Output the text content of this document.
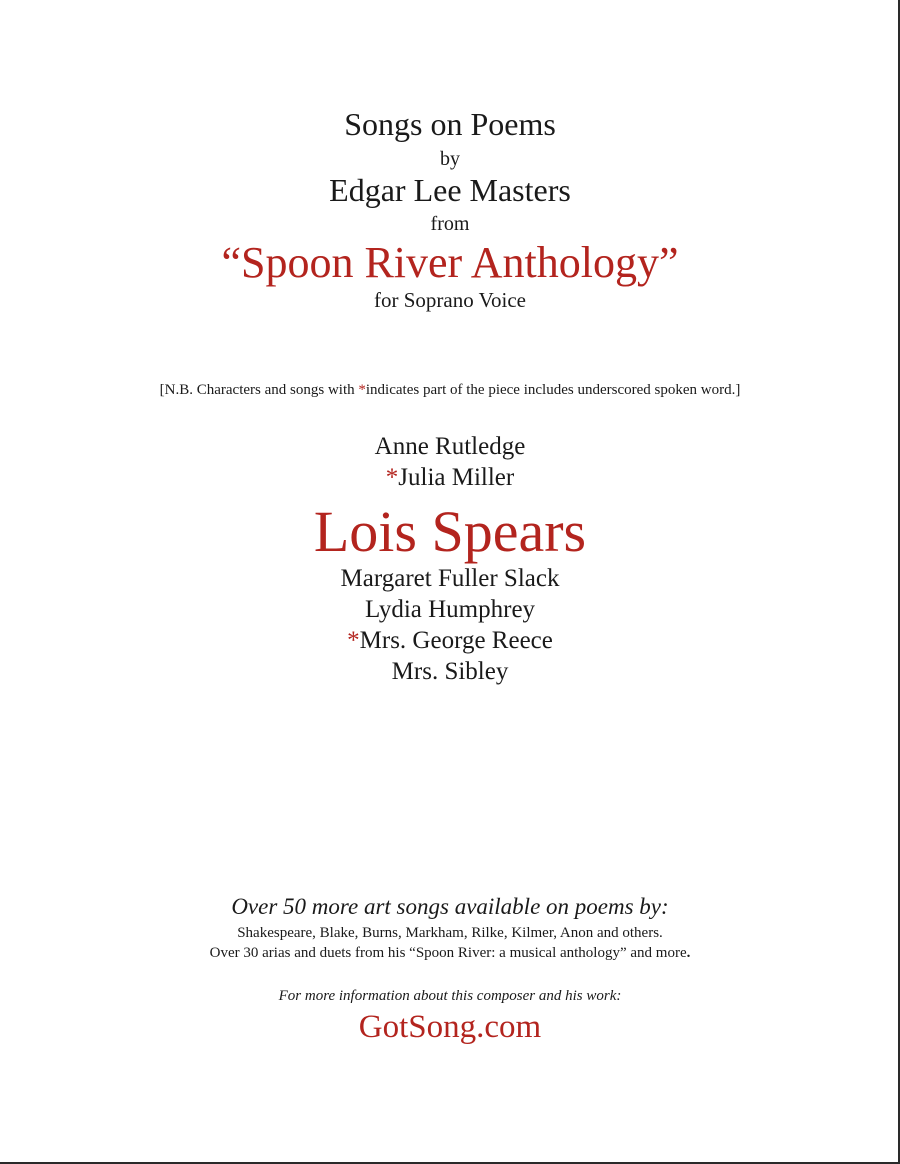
Songs on Poems
by
Edgar Lee Masters
from
“Spoon River Anthology”
for Soprano Voice
[N.B. Characters and songs with *indicates part of the piece includes underscored spoken word.]
Anne Rutledge
*Julia Miller
Lois Spears
Margaret Fuller Slack
Lydia Humphrey
*Mrs. George Reece
Mrs. Sibley
Over 50 more art songs available on poems by:
Shakespeare, Blake, Burns, Markham, Rilke, Kilmer, Anon and others.
Over 30 arias and duets from his “Spoon River: a musical anthology” and more.
For more information about this composer and his work:
GotSong.com
